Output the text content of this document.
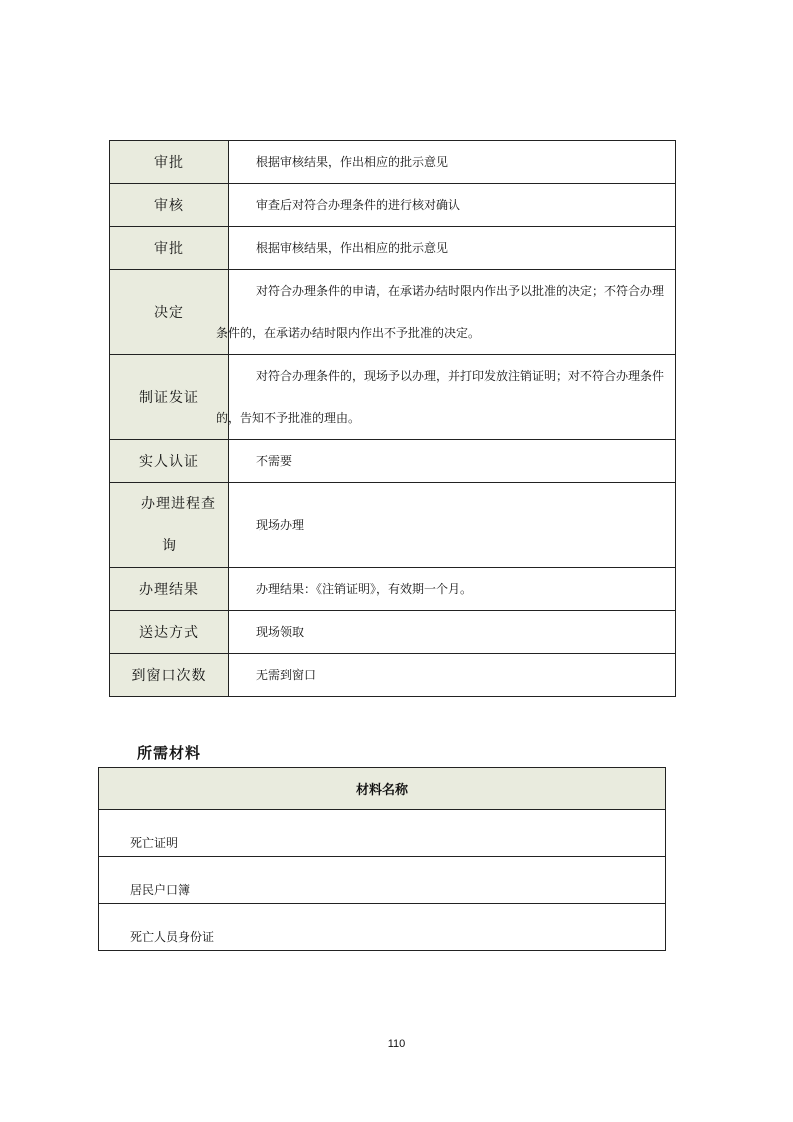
审批	根据审核结果，作出相应的批示意见

审核	审查后对符合办理条件的进行核对确认

审批	根据审核结果，作出相应的批示意见

决定	对符合办理条件的申请，在承诺办结时限内作出予以批准的决定；不符合办理
条件的，在承诺办结时限内作出不予批准的决定。

制证发证	对符合办理条件的，现场予以办理，并打印发放注销证明；对不符合办理条件
的，告知不予批准的理由。

实人认证	不需要

办理进程查
询	现场办理

办理结果	办理结果：《注销证明》，有效期一个月。

送达方式	现场领取

到窗口次数	无需到窗口
所需材料
材料名称
死亡证明
居民户口簿
死亡人员身份证
110
